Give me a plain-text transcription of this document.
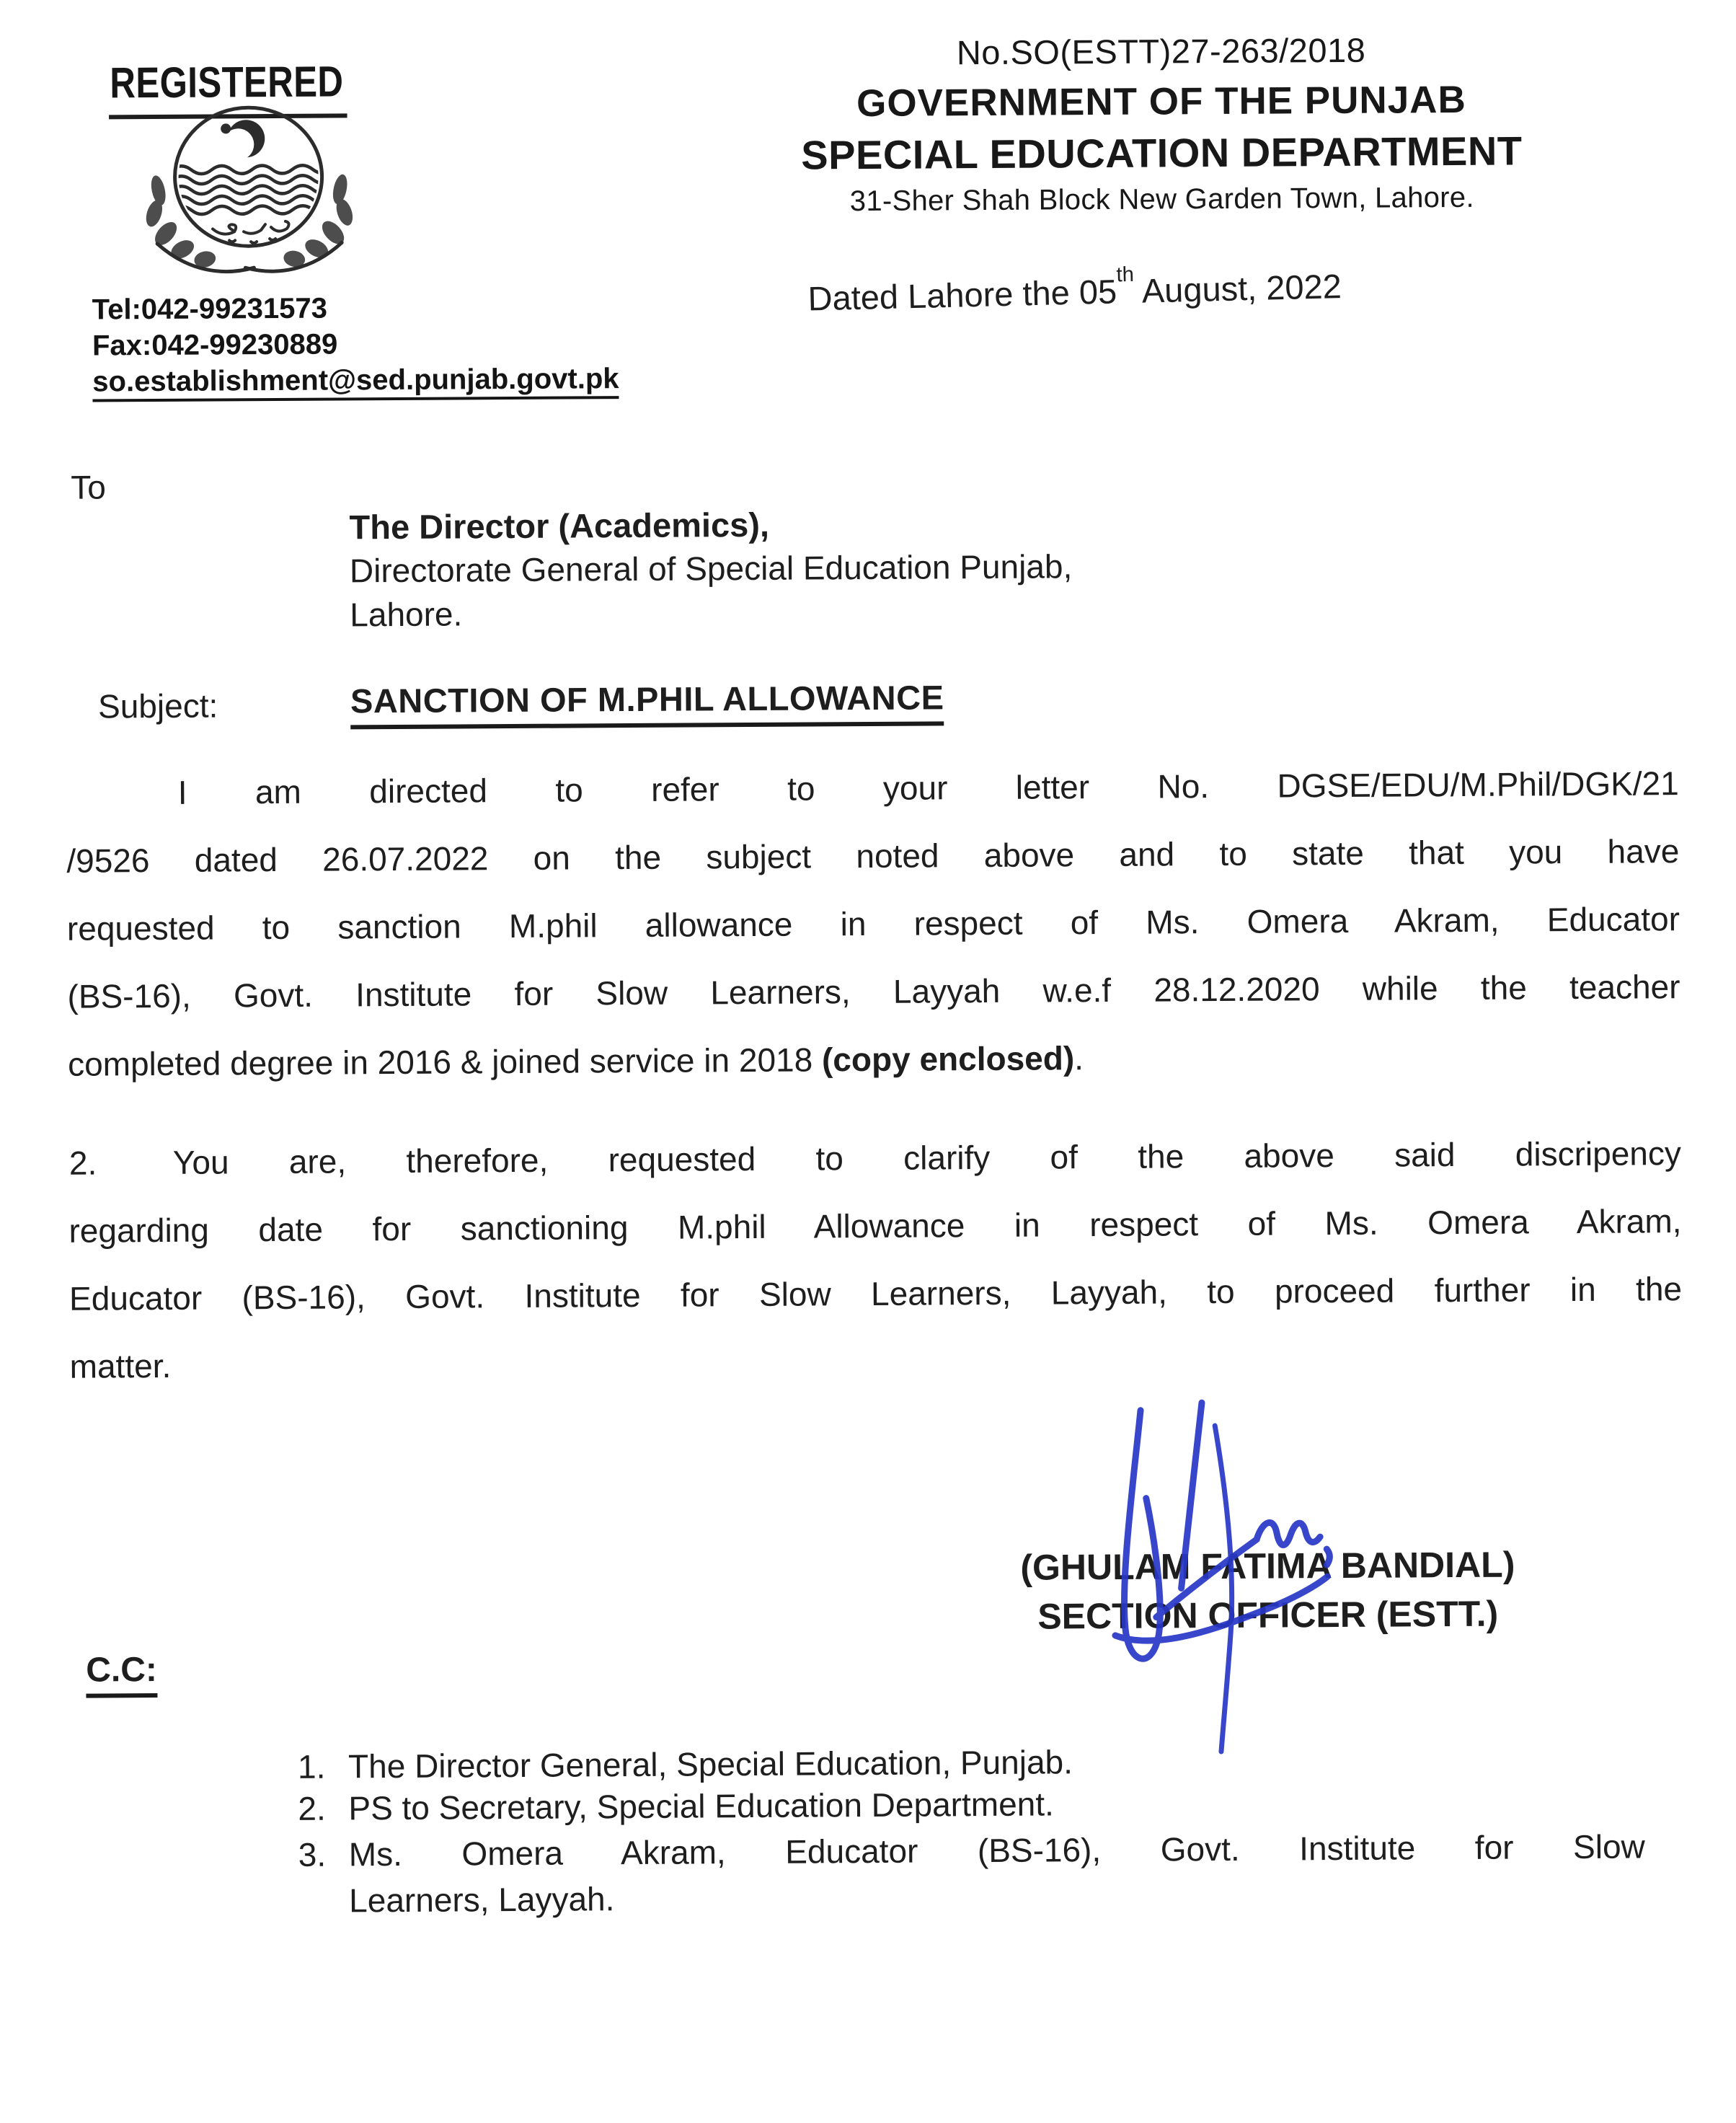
REGISTERED
No.SO(ESTT)27-263/2018
GOVERNMENT OF THE PUNJAB
SPECIAL EDUCATION DEPARTMENT
31-Sher Shah Block New Garden Town, Lahore.
Tel:042-99231573
Fax:042-99230889
so.establishment@sed.punjab.govt.pk
Dated Lahore the 05th August, 2022
To
The Director (Academics),
Directorate General of Special Education Punjab,
Lahore.
Subject:	SANCTION OF M.PHIL ALLOWANCE
I am directed to refer to your letter No. DGSE/EDU/M.Phil/DGK/21
/9526 dated 26.07.2022 on the subject noted above and to state that you have
requested to sanction M.phil allowance in respect of Ms. Omera Akram, Educator
(BS-16), Govt. Institute for Slow Learners, Layyah w.e.f 28.12.2020 while the teacher
completed degree in 2016 & joined service in 2018 (copy enclosed).
2. You are, therefore, requested to clarify of the above said discripency
regarding date for sanctioning M.phil Allowance in respect of Ms. Omera Akram,
Educator (BS-16), Govt. Institute for Slow Learners, Layyah, to proceed further in the
matter.
(GHULAM FATIMA BANDIAL)
SECTION OFFICER (ESTT.)
C.C:
1. The Director General, Special Education, Punjab.
2. PS to Secretary, Special Education Department.
3. Ms. Omera Akram, Educator (BS-16), Govt. Institute for Slow
Learners, Layyah.
